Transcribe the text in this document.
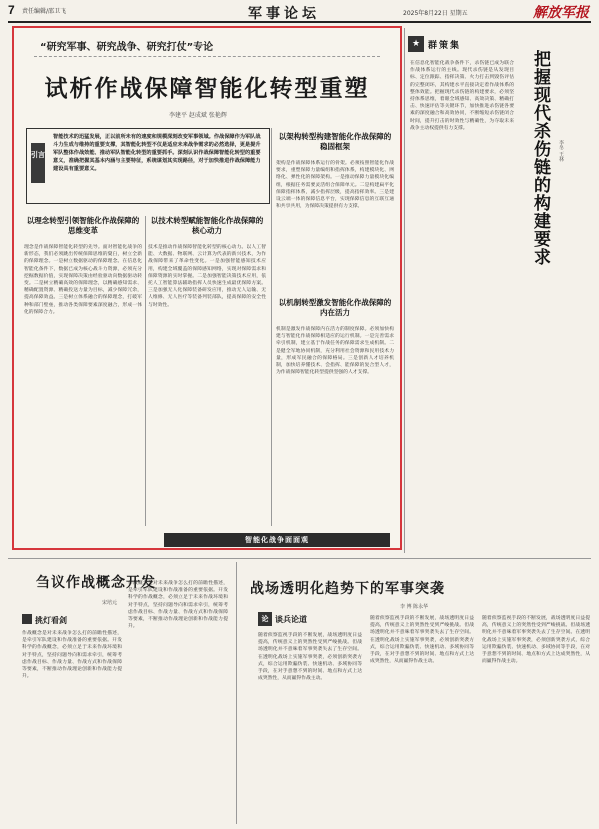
7 责任编辑/邵卫飞	军事论坛	2025年8月22日 星期五	解放军报
“研究军事、研究战争、研究打仗”专论
试析作战保障智能化转型重塑
李建平 赵成斌 张艳辉
引言
智能技术的迅猛发展，正以前所未有的速度和规模深刻改变军事领域。作战保障作为军队战斗力生成与维持的重要支撑，其智能化转型不仅是适应未来战争需求的必然选择，更是提升军队整体作战效能、推动军队智能化转型的重要抓手。深刻认识作战保障智能化转型的重要意义，准确把握其基本内涵与主要特征，系统谋划其实现路径，对于加快推进作战保障能力建设具有重要意义。
以理念转型引领智能化作战保障的思维变革
以技术转型赋能智能化作战保障的核心动力
以架构转型构建智能化作战保障的稳固框架
理念是作战保障智能化转型的先导。面对智能化战争的新形态，我们必须跳出传统保障思维的窠臼，树立全新的保障理念。一是树立数据驱动的保障理念。在信息化智能化条件下，数据已成为核心战斗力资源，必须充分挖掘数据价值，实现保障决策由经验驱动向数据驱动转变。二是树立精确高效的保障理念，以精确感知需求、精确配置资源、精确投送力量为目标，减少保障冗余，提高保障效益。三是树立体系融合的保障理念，打破军种和部门壁垒，推动各类保障要素深度融合，形成一体化的保障合力。
技术是推动作战保障智能化转型的核心动力。以人工智能、大数据、物联网、云计算为代表的新兴技术，为作战保障带来了革命性变化。一是加强智能感知技术应用，构建全域覆盖的保障感知网络，实现对保障需求和保障资源的实时掌握。二是加强智能决策技术应用，依托人工智能算法辅助指挥人员快速生成最优保障方案。三是加强无人化保障装备研发应用，推动无人运输、无人维修、无人医疗等装备列装部队，提高保障的安全性与时效性。
架构是作战保障体系运行的骨架。必须按照智能化作战要求，重塑保障力量编组和指挥体系，构建模块化、网络化、弹性化的保障架构。一是推动保障力量模块化编组，根据任务需要灵活组合保障单元。二是构建扁平化保障指挥体系，减少指挥层级，提高指挥效率。三是建设云端一体的保障信息平台，实现保障信息的互联互通和共享共用，为保障决策提供有力支撑。
以机制转型激发智能化作战保障的内在活力
机制是激发作战保障内在活力的制度保障。必须加快构建与智能化作战保障相适应的运行机制。一是完善需求牵引机制，建立基于作战任务的保障需求生成机制。二是健全军地协同机制，充分利用社会资源和民用技术力量，形成军民融合的保障格局。三是创新人才培养机制，加快培养懂技术、会指挥、能保障的复合型人才，为作战保障智能化转型提供坚强的人才支撑。
智能化战争面面观
★ 群策集
把握现代杀伤链的构建要求 李冬 王林
在信息化智能化战争条件下，杀伤链已成为联合作战体系运行的主线。现代杀伤链是从发现目标、定位跟踪、指挥决策、火力打击到毁伤评估的完整闭环，其构建水平直接决定着作战体系的整体效能。把握现代杀伤链的构建要求，必须坚持体系思维，着眼全域感知、高效决策、精确打击、快速评估等关键环节，加快推进杀伤链各要素的深度融合和高效协同，不断缩短杀伤链闭合时间，提升打击的时效性与精确性，为夺取未来战争主动权提供有力支撑。
刍议作战概念开发
宋培元
挑灯看剑
作战概念是对未来战争怎么打的前瞻性描述，是牵引军队建设和作战准备的重要依据。开发科学的作战概念，必须立足于未来作战环境和对手特点，坚持问题导向和需求牵引，统筹考虑作战目标、作战力量、作战方式和作战保障等要素，不断推动作战理论创新和作战能力提升。
作战概念是对未来战争怎么打的前瞻性描述，是牵引军队建设和作战准备的重要依据。开发科学的作战概念，必须立足于未来作战环境和对手特点，坚持问题导向和需求牵引，统筹考虑作战目标、作战力量、作战方式和作战保障等要素，不断推动作战理论创新和作战能力提升。
战场透明化趋势下的军事突袭
李 博 陈永华
论 谈兵论道
随着侦察监视手段的不断发展，战场透明度日益提高，传统意义上的突然性受到严峻挑战。但战场透明化并不意味着军事突袭失去了生存空间。在透明化战场上实施军事突袭，必须创新突袭方式，综合运用欺骗伪装、快速机动、多域协同等手段，在对手意想不到的时间、地点和方式上达成突然性，从而赢得作战主动。
随着侦察监视手段的不断发展，战场透明度日益提高，传统意义上的突然性受到严峻挑战。但战场透明化并不意味着军事突袭失去了生存空间。在透明化战场上实施军事突袭，必须创新突袭方式，综合运用欺骗伪装、快速机动、多域协同等手段，在对手意想不到的时间、地点和方式上达成突然性，从而赢得作战主动。
随着侦察监视手段的不断发展，战场透明度日益提高，传统意义上的突然性受到严峻挑战。但战场透明化并不意味着军事突袭失去了生存空间。在透明化战场上实施军事突袭，必须创新突袭方式，综合运用欺骗伪装、快速机动、多域协同等手段，在对手意想不到的时间、地点和方式上达成突然性，从而赢得作战主动。
